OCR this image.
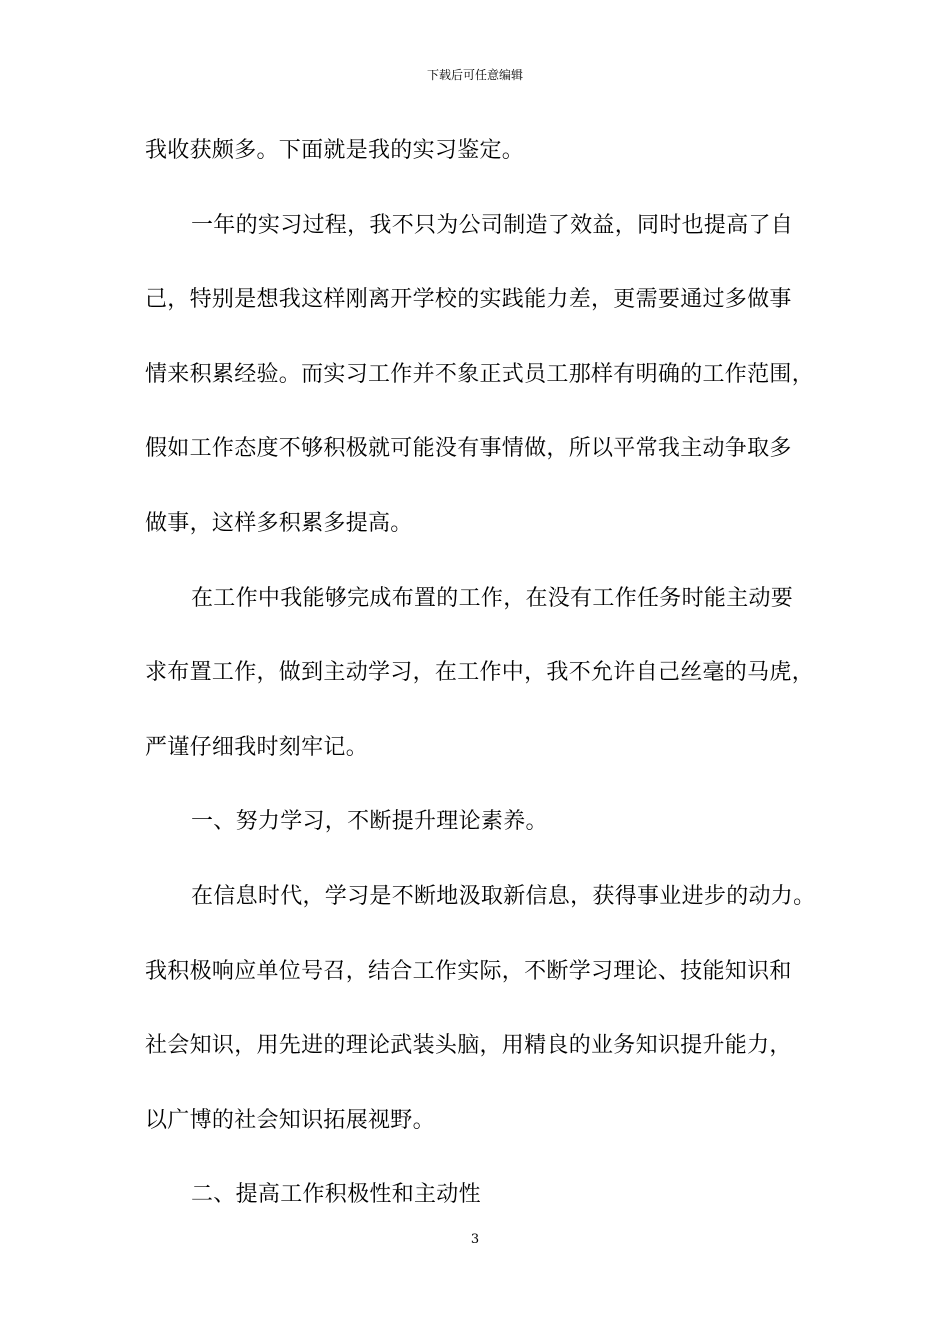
下载后可任意编辑
我收获颇多。下面就是我的实习鉴定。
一年的实习过程，我不只为公司制造了效益，同时也提高了自
己，特别是想我这样刚离开学校的实践能力差，更需要通过多做事
情来积累经验。而实习工作并不象正式员工那样有明确的工作范围，
假如工作态度不够积极就可能没有事情做，所以平常我主动争取多
做事，这样多积累多提高。
在工作中我能够完成布置的工作，在没有工作任务时能主动要
求布置工作，做到主动学习，在工作中，我不允许自己丝毫的马虎，
严谨仔细我时刻牢记。
一、努力学习，不断提升理论素养。
在信息时代，学习是不断地汲取新信息，获得事业进步的动力。
我积极响应单位号召，结合工作实际，不断学习理论、技能知识和
社会知识，用先进的理论武装头脑，用精良的业务知识提升能力，
以广博的社会知识拓展视野。
二、提高工作积极性和主动性
3
